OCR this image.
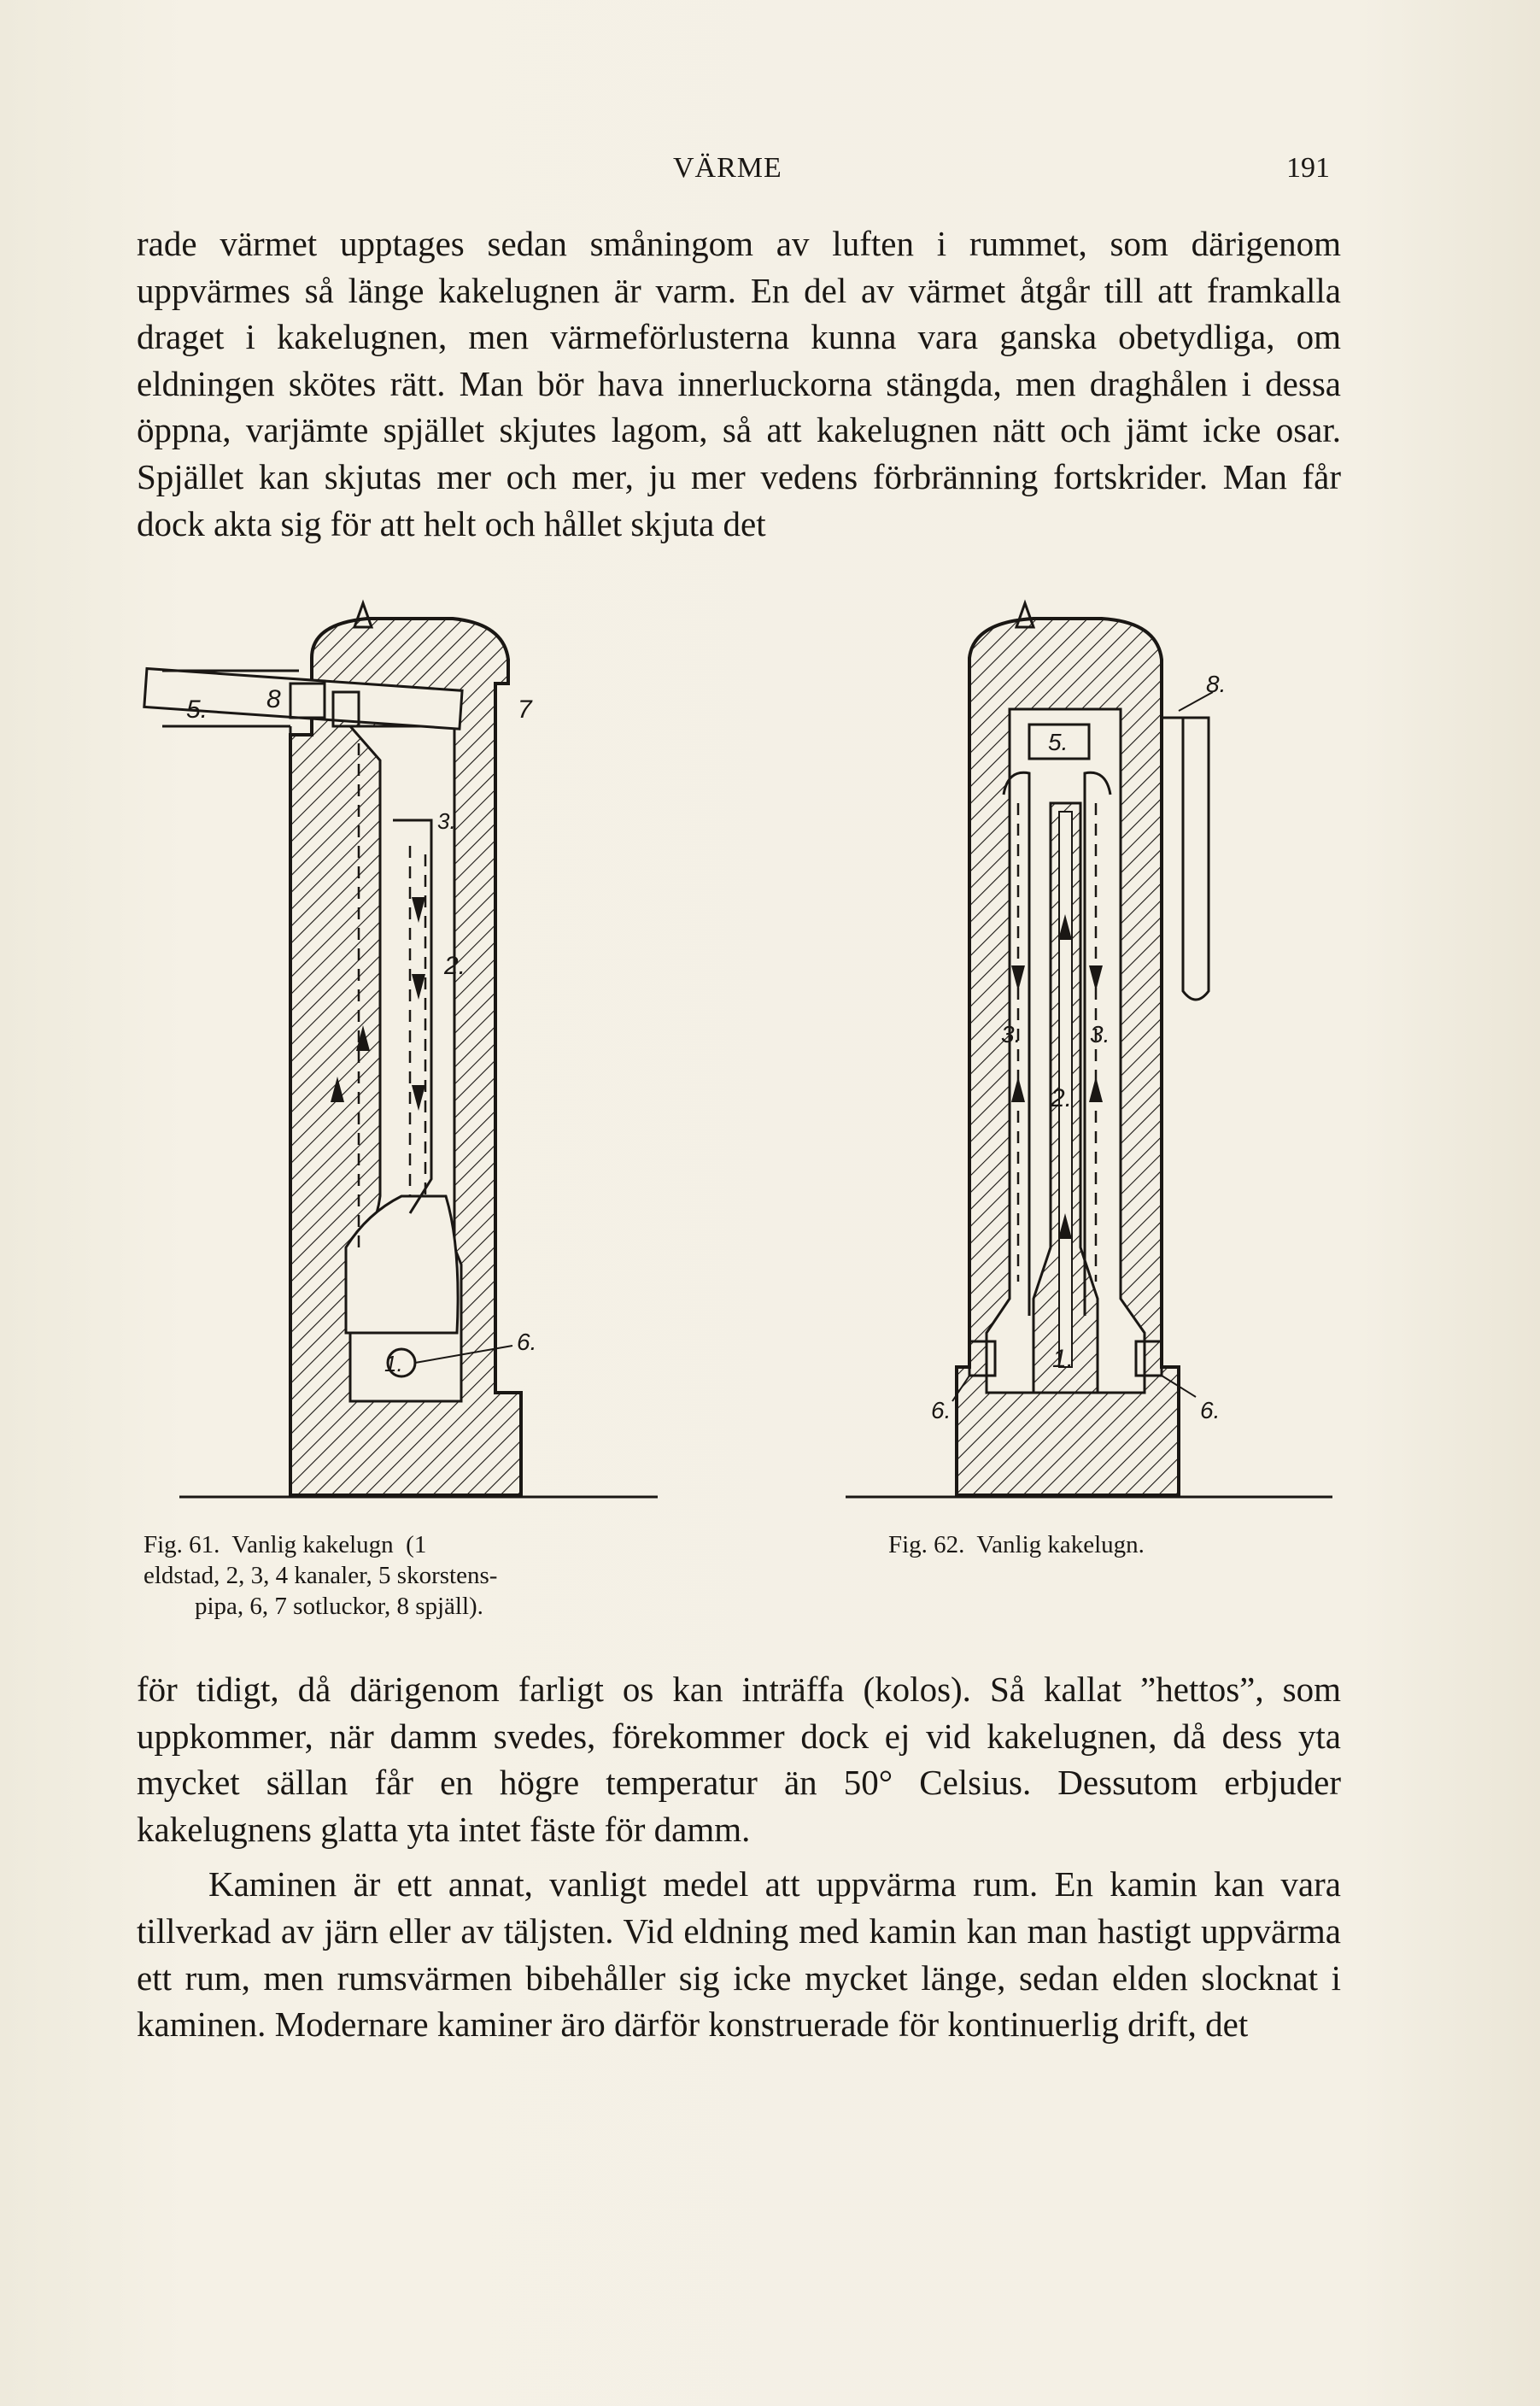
VÄRME	191

rade värmet upptages sedan småningom av luften i rummet, som därigenom uppvärmes så länge kakelugnen är varm. En del av värmet åtgår till att framkalla draget i kakelugnen, men värmeförlusterna kunna vara ganska obetydliga, om eldningen skötes rätt. Man bör hava innerluckorna stängda, men draghålen i dessa öppna, varjämte spjället skjutes lagom, så att kakelugnen nätt och jämt icke osar. Spjället kan skjutas mer och mer, ju mer vedens förbränning fortskrider. Man får dock akta sig för att helt och hållet skjuta det

5. 8	7
3.
2.
1.
6.
5.
8.
3.	3.
2.
1.
6.	6.
Fig. 61.  Vanlig kakelugn  (1
eldstad, 2, 3, 4 kanaler, 5 skorstens-
pipa, 6, 7 sotluckor, 8 spjäll).
Fig. 62.  Vanlig kakelugn.

för tidigt, då därigenom farligt os kan inträffa (kolos). Så kallat ”hettos”, som uppkommer, när damm svedes, förekommer dock ej vid kakelugnen, då dess yta mycket sällan får en högre temperatur än 50° Celsius. Dessutom erbjuder kakelugnens glatta yta intet fäste för damm.

Kaminen är ett annat, vanligt medel att uppvärma rum. En kamin kan vara tillverkad av järn eller av täljsten. Vid eldning med kamin kan man hastigt uppvärma ett rum, men rumsvärmen bibehåller sig icke mycket länge, sedan elden slocknat i kaminen. Modernare kaminer äro därför konstruerade för kontinuerlig drift, det
